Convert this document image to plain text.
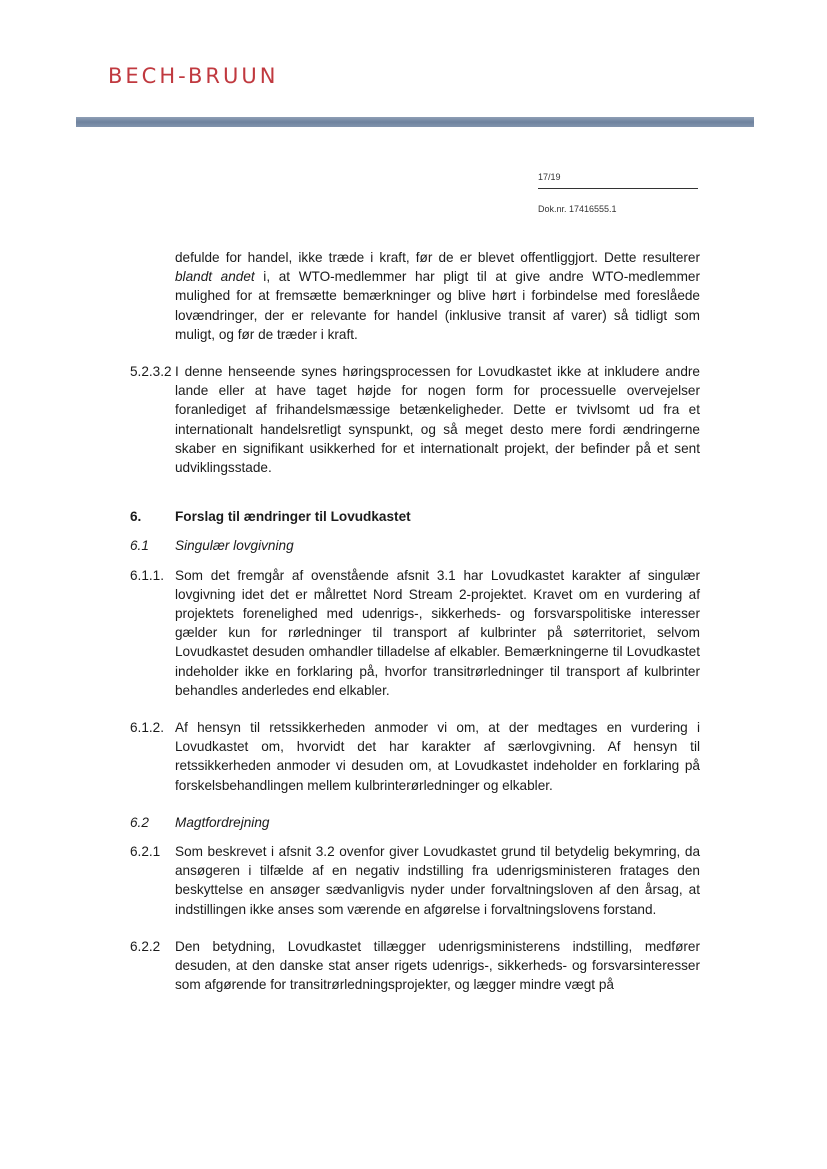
BECH-BRUUN
17/19
Dok.nr. 17416555.1

defulde for handel, ikke træde i kraft, før de er blevet offentliggjort. Dette resulterer blandt andet i, at WTO-medlemmer har pligt til at give andre WTO-medlemmer mulighed for at fremsætte bemærkninger og blive hørt i forbindelse med foreslåede lovændringer, der er relevante for handel (inklusive transit af varer) så tidligt som muligt, og før de træder i kraft.

5.2.3.2 I denne henseende synes høringsprocessen for Lovudkastet ikke at inkludere andre lande eller at have taget højde for nogen form for processuelle overvejelser foranlediget af frihandelsmæssige betænkeligheder. Dette er tvivlsomt ud fra et internationalt handelsretligt synspunkt, og så meget desto mere fordi ændringerne skaber en signifikant usikkerhed for et internationalt projekt, der befinder på et sent udviklingsstade.

6. Forslag til ændringer til Lovudkastet

6.1 Singulær lovgivning

6.1.1. Som det fremgår af ovenstående afsnit 3.1 har Lovudkastet karakter af singulær lovgivning idet det er målrettet Nord Stream 2-projektet. Kravet om en vurdering af projektets forenelighed med udenrigs-, sikkerheds- og forsvarspolitiske interesser gælder kun for rørledninger til transport af kulbrinter på søterritoriet, selvom Lovudkastet desuden omhandler tilladelse af elkabler. Bemærkningerne til Lovudkastet indeholder ikke en forklaring på, hvorfor transitrørledninger til transport af kulbrinter behandles anderledes end elkabler.

6.1.2. Af hensyn til retssikkerheden anmoder vi om, at der medtages en vurdering i Lovudkastet om, hvorvidt det har karakter af særlovgivning. Af hensyn til retssikkerheden anmoder vi desuden om, at Lovudkastet indeholder en forklaring på forskelsbehandlingen mellem kulbrinterørledninger og elkabler.

6.2 Magtfordrejning

6.2.1 Som beskrevet i afsnit 3.2 ovenfor giver Lovudkastet grund til betydelig bekymring, da ansøgeren i tilfælde af en negativ indstilling fra udenrigsministeren fratages den beskyttelse en ansøger sædvanligvis nyder under forvaltningsloven af den årsag, at indstillingen ikke anses som værende en afgørelse i forvaltningslovens forstand.

6.2.2 Den betydning, Lovudkastet tillægger udenrigsministerens indstilling, medfører desuden, at den danske stat anser rigets udenrigs-, sikkerheds- og forsvarsinteresser som afgørende for transitrørledningsprojekter, og lægger mindre vægt på
